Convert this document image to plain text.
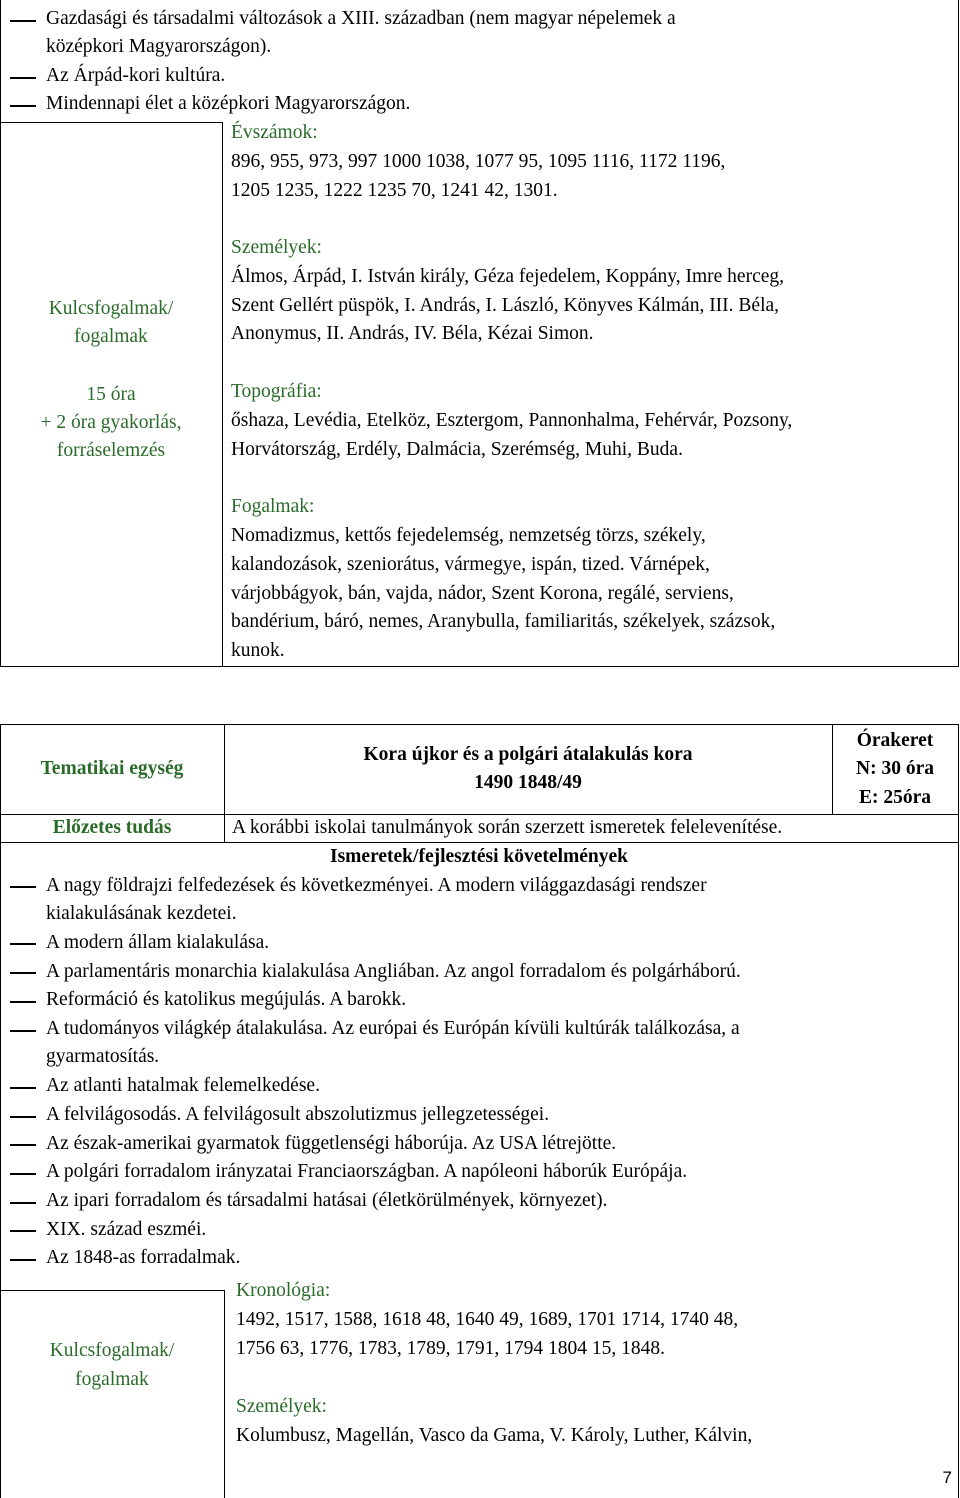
Gazdasági és társadalmi változások a XIII. században (nem magyar népelemek a
középkori Magyarországon).
Az Árpád-kori kultúra.
Mindennapi élet a középkori Magyarországon.
Kulcsfogalmak/
fogalmak
15 óra
+ 2 óra gyakorlás,
forráselemzés
Évszámok:
896, 955, 973, 997 1000 1038, 1077 95, 1095 1116, 1172 1196,
1205 1235, 1222 1235 70, 1241 42, 1301.
Személyek:
Álmos, Árpád, I. István király, Géza fejedelem, Koppány, Imre herceg,
Szent Gellért püspök, I. András, I. László, Könyves Kálmán, III. Béla,
Anonymus, II. András, IV. Béla, Kézai Simon.
Topográfia:
őshaza, Levédia, Etelköz, Esztergom, Pannonhalma, Fehérvár, Pozsony,
Horvátország, Erdély, Dalmácia, Szerémség, Muhi, Buda.
Fogalmak:
Nomadizmus, kettős fejedelemség, nemzetség törzs, székely,
kalandozások, szeniorátus, vármegye, ispán, tized. Várnépek,
várjobbágyok, bán, vajda, nádor, Szent Korona, regálé, serviens,
bandérium, báró, nemes, Aranybulla, familiaritás, székelyek, százsok,
kunok.
Tematikai egység
Kora újkor és a polgári átalakulás kora
1490 1848/49
Órakeret
N: 30 óra
E: 25óra
Előzetes tudás	A korábbi iskolai tanulmányok során szerzett ismeretek felelevenítése.
Ismeretek/fejlesztési követelmények
A nagy földrajzi felfedezések és következményei. A modern világgazdasági rendszer
kialakulásának kezdetei.
A modern állam kialakulása.
A parlamentáris monarchia kialakulása Angliában. Az angol forradalom és polgárháború.
Reformáció és katolikus megújulás. A barokk.
A tudományos világkép átalakulása. Az európai és Európán kívüli kultúrák találkozása, a
gyarmatosítás.
Az atlanti hatalmak felemelkedése.
A felvilágosodás. A felvilágosult abszolutizmus jellegzetességei.
Az észak-amerikai gyarmatok függetlenségi háborúja. Az USA létrejötte.
A polgári forradalom irányzatai Franciaországban. A napóleoni háborúk Európája.
Az ipari forradalom és társadalmi hatásai (életkörülmények, környezet).
XIX. század eszméi.
Az 1848-as forradalmak.
Kulcsfogalmak/
fogalmak
Kronológia:
1492, 1517, 1588, 1618 48, 1640 49, 1689, 1701 1714, 1740 48,
1756 63, 1776, 1783, 1789, 1791, 1794 1804 15, 1848.
Személyek:
Kolumbusz, Magellán, Vasco da Gama, V. Károly, Luther, Kálvin,
7
